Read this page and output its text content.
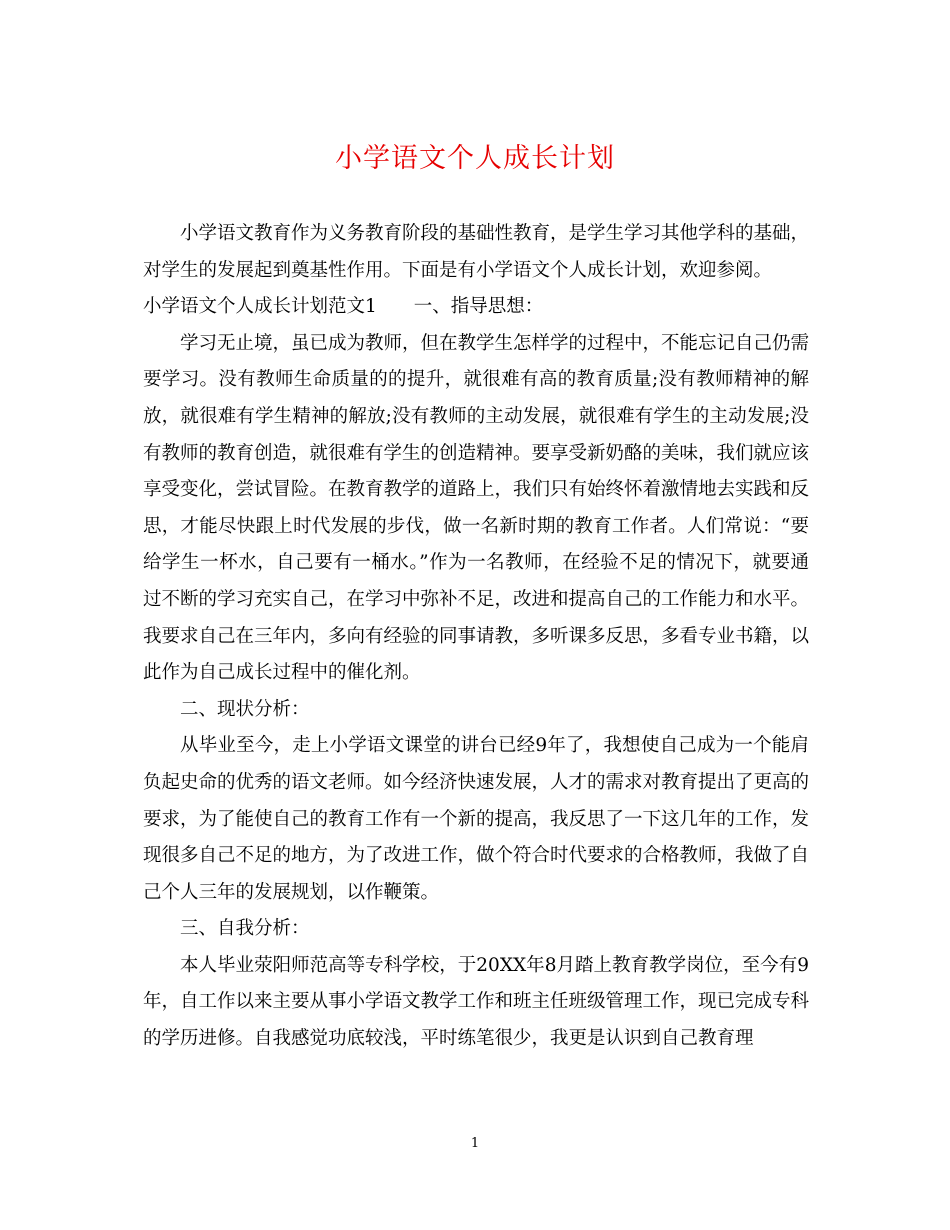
小学语文个人成长计划

小学语文教育作为义务教育阶段的基础性教育，是学生学习其他学科的基础，对学生的发展起到奠基性作用。下面是有小学语文个人成长计划，欢迎参阅。

小学语文个人成长计划范文1　　一、指导思想：

学习无止境，虽已成为教师，但在教学生怎样学的过程中，不能忘记自己仍需要学习。没有教师生命质量的的提升，就很难有高的教育质量;没有教师精神的解放，就很难有学生精神的解放;没有教师的主动发展，就很难有学生的主动发展;没有教师的教育创造，就很难有学生的创造精神。要享受新奶酪的美味，我们就应该享受变化，尝试冒险。在教育教学的道路上，我们只有始终怀着激情地去实践和反思，才能尽快跟上时代发展的步伐，做一名新时期的教育工作者。人们常说：“要给学生一杯水，自己要有一桶水。”作为一名教师，在经验不足的情况下，就要通过不断的学习充实自己，在学习中弥补不足，改进和提高自己的工作能力和水平。我要求自己在三年内，多向有经验的同事请教，多听课多反思，多看专业书籍，以此作为自己成长过程中的催化剂。

二、现状分析：

从毕业至今，走上小学语文课堂的讲台已经9年了，我想使自己成为一个能肩负起史命的优秀的语文老师。如今经济快速发展，人才的需求对教育提出了更高的要求，为了能使自己的教育工作有一个新的提高，我反思了一下这几年的工作，发现很多自己不足的地方，为了改进工作，做个符合时代要求的合格教师，我做了自己个人三年的发展规划，以作鞭策。

三、自我分析：

本人毕业荥阳师范高等专科学校，于20XX年8月踏上教育教学岗位，至今有9年，自工作以来主要从事小学语文教学工作和班主任班级管理工作，现已完成专科的学历进修。自我感觉功底较浅，平时练笔很少，我更是认识到自己教育理

1
